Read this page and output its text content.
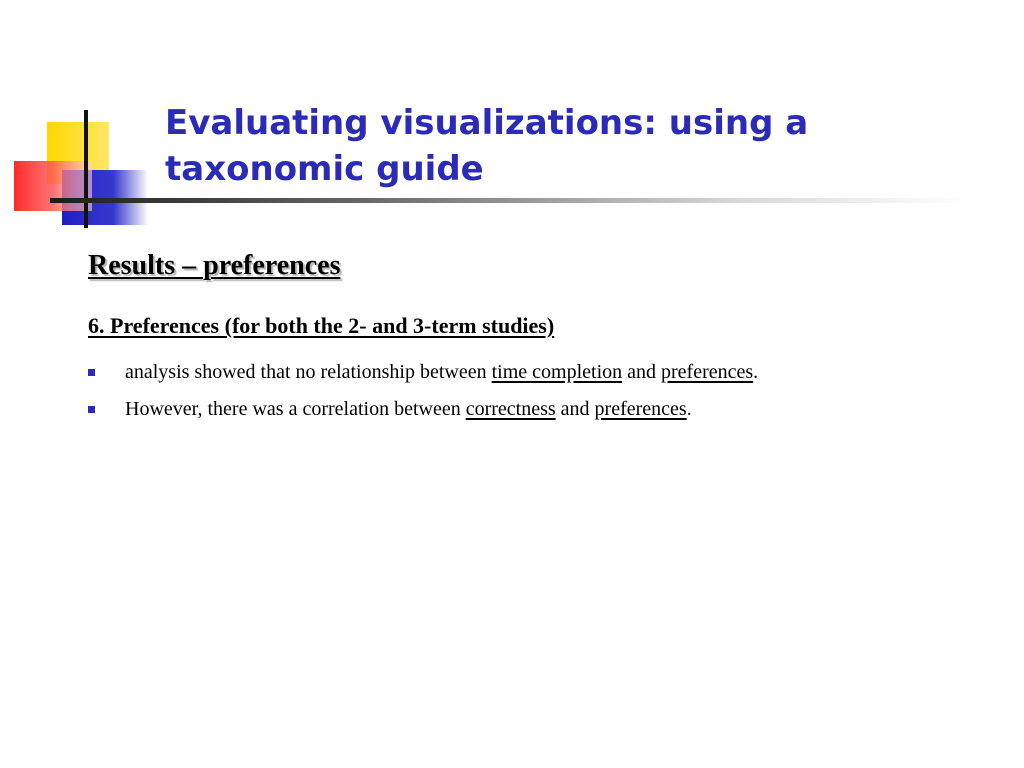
Evaluating visualizations: using a
taxonomic guide
Results – preferences
6. Preferences (for both the 2- and 3-term studies)
analysis showed that no relationship between time completion and preferences.
However, there was a correlation between correctness and preferences.
